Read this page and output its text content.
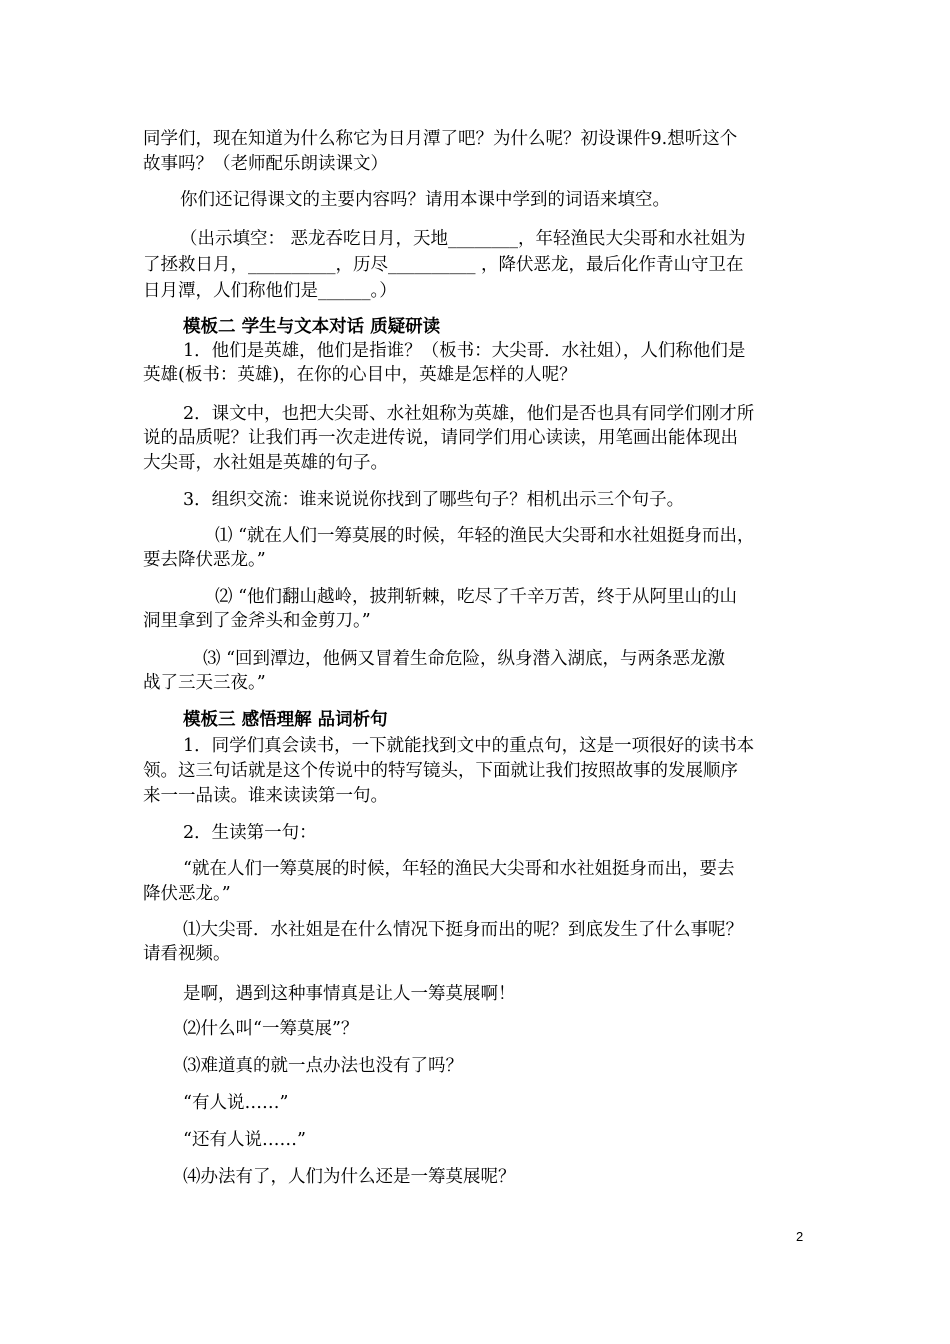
同学们，现在知道为什么称它为日月潭了吧？为什么呢？初设课件9.想听这个
故事吗？（老师配乐朗读课文）
你们还记得课文的主要内容吗？请用本课中学到的词语来填空。
（出示填空： 恶龙吞吃日月，天地________，年轻渔民大尖哥和水社姐为
了拯救日月，__________，历尽__________ ，降伏恶龙，最后化作青山守卫在
日月潭，人们称他们是______。）
模板二 学生与文本对话 质疑研读
1．他们是英雄，他们是指谁？（板书：大尖哥．水社姐），人们称他们是
英雄(板书：英雄)，在你的心目中，英雄是怎样的人呢？
2．课文中，也把大尖哥、水社姐称为英雄，他们是否也具有同学们刚才所
说的品质呢？让我们再一次走进传说，请同学们用心读读，用笔画出能体现出
大尖哥，水社姐是英雄的句子。
3．组织交流：谁来说说你找到了哪些句子？相机出示三个句子。
⑴ “就在人们一筹莫展的时候，年轻的渔民大尖哥和水社姐挺身而出，
要去降伏恶龙。”
⑵ “他们翻山越岭，披荆斩棘，吃尽了千辛万苦，终于从阿里山的山
洞里拿到了金斧头和金剪刀。”
⑶ “回到潭边，他俩又冒着生命危险，纵身潜入湖底，与两条恶龙激
战了三天三夜。”
模板三 感悟理解 品词析句
1．同学们真会读书，一下就能找到文中的重点句，这是一项很好的读书本
领。这三句话就是这个传说中的特写镜头，下面就让我们按照故事的发展顺序
来一一品读。谁来读读第一句。
2．生读第一句：
“就在人们一筹莫展的时候，年轻的渔民大尖哥和水社姐挺身而出，要去
降伏恶龙。”
⑴大尖哥．水社姐是在什么情况下挺身而出的呢？到底发生了什么事呢？
请看视频。
是啊，遇到这种事情真是让人一筹莫展啊！
⑵什么叫“一筹莫展”？
⑶难道真的就一点办法也没有了吗？
“有人说……”
“还有人说……”
⑷办法有了，人们为什么还是一筹莫展呢？
2
